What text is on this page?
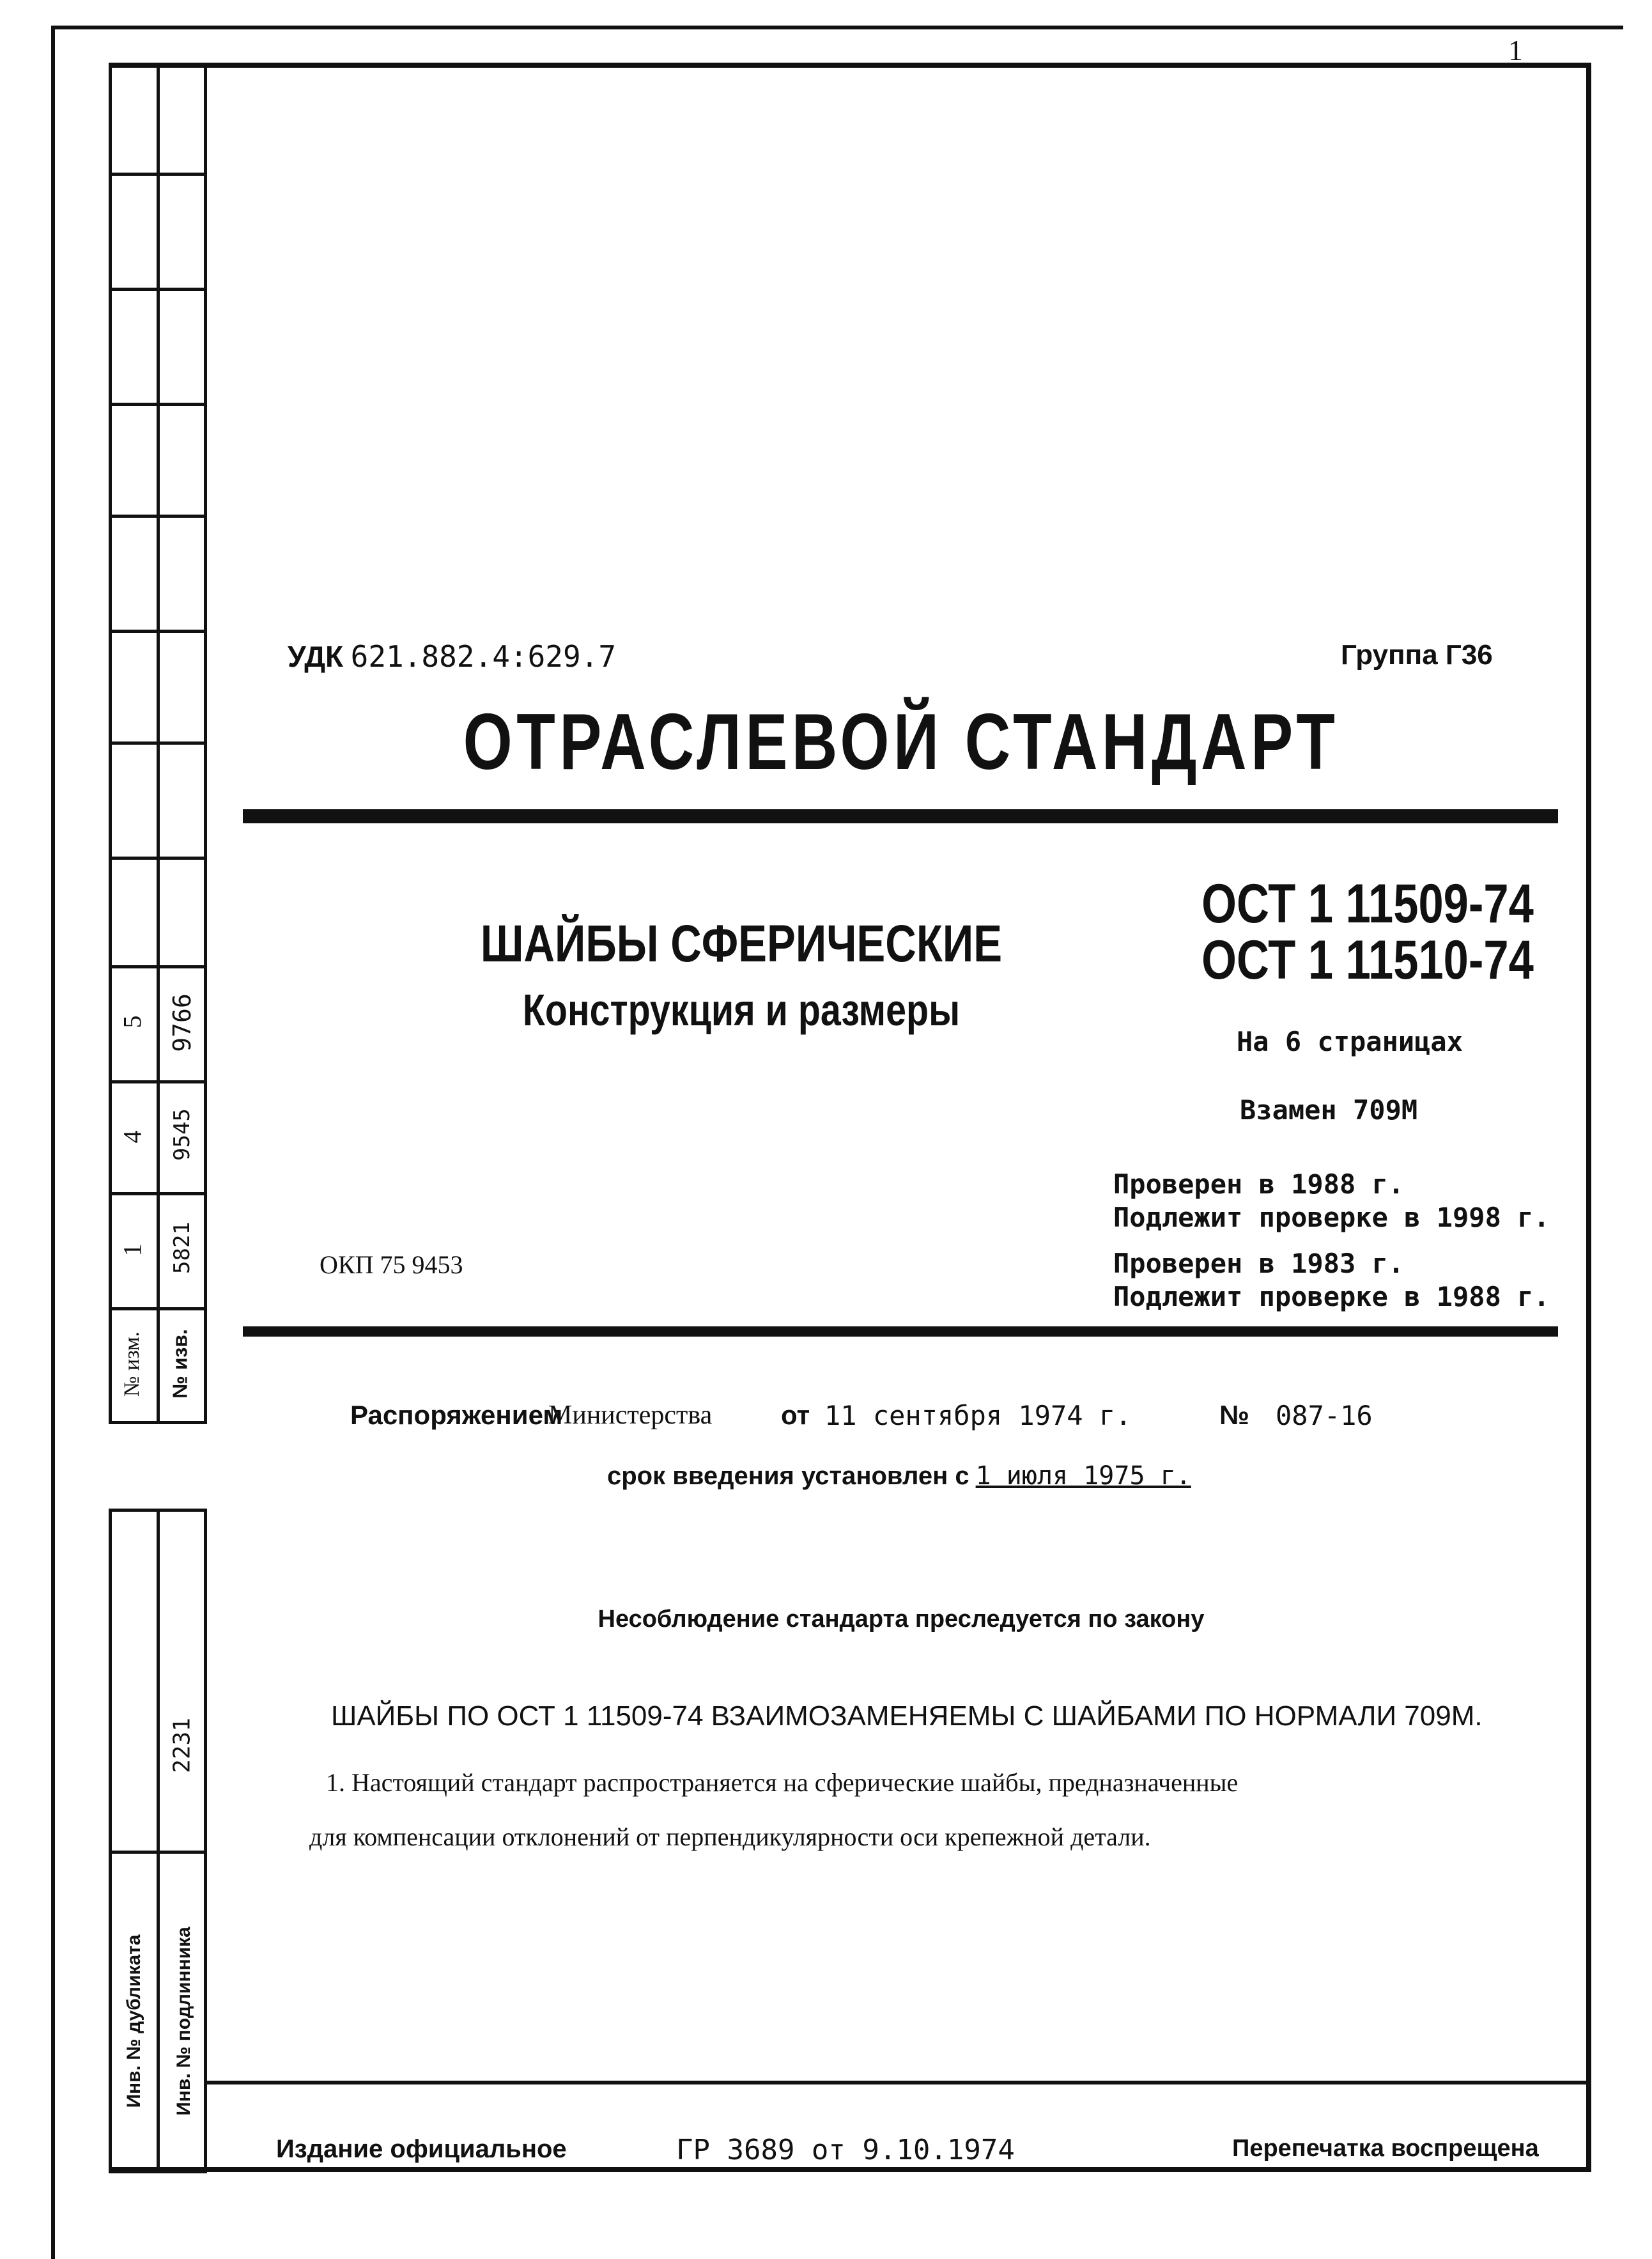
5 9766
4 9545
1 5821
№ изм. № изв.
2231
Инв. № дубликата Инв. № подлинника
1
УДК 621.882.4:629.7	Группа Г36
ОТРАСЛЕВОЙ СТАНДАРТ
ШАЙБЫ СФЕРИЧЕСКИЕ
Конструкция и размеры
ОСТ 1 11509-74
ОСТ 1 11510-74
На 6 страницах
Взамен 709М
Проверен в 1988 г.
Подлежит проверке в 1998 г.
Проверен в 1983 г.
Подлежит проверке в 1988 г.
ОКП 75 9453
Распоряжением
Министерства	от 11 сентября 1974 г.	№ 087-16
срок введения установлен с 1 июля 1975 г.
Несоблюдение стандарта преследуется по закону
ШАЙБЫ ПО ОСТ 1 11509-74 ВЗАИМОЗАМЕНЯЕМЫ С ШАЙБАМИ ПО НОРМАЛИ 709М.
1. Настоящий стандарт распространяется на сферические шайбы, предназначенные
для компенсации отклонений от перпендикулярности оси крепежной детали.
Издание официальное	ГР 3689 от 9.10.1974	Перепечатка воспрещена
